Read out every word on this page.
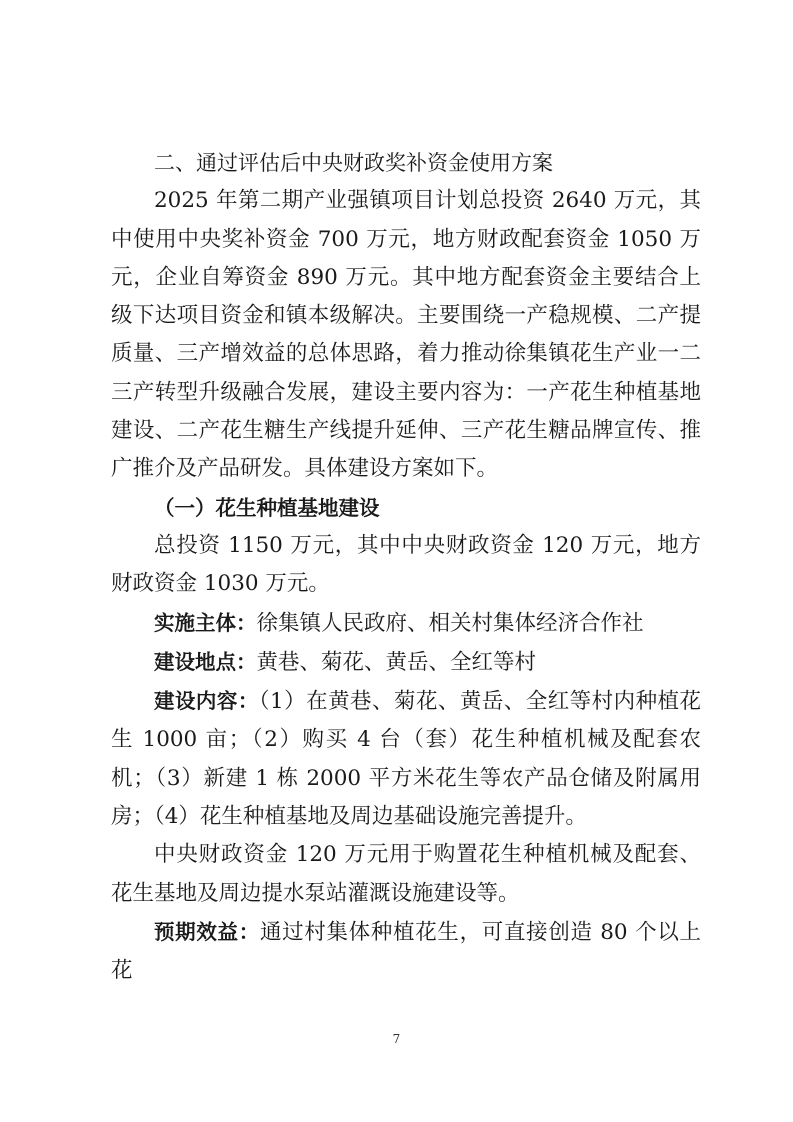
二、通过评估后中央财政奖补资金使用方案

2025 年第二期产业强镇项目计划总投资 2640 万元，其中使用中央奖补资金 700 万元，地方财政配套资金 1050 万元，企业自筹资金 890 万元。其中地方配套资金主要结合上级下达项目资金和镇本级解决。主要围绕一产稳规模、二产提质量、三产增效益的总体思路，着力推动徐集镇花生产业一二三产转型升级融合发展，建设主要内容为：一产花生种植基地建设、二产花生糖生产线提升延伸、三产花生糖品牌宣传、推广推介及产品研发。具体建设方案如下。

（一）花生种植基地建设

总投资 1150 万元，其中中央财政资金 120 万元，地方财政资金 1030 万元。

实施主体：徐集镇人民政府、相关村集体经济合作社

建设地点：黄巷、菊花、黄岳、全红等村

建设内容：（1）在黄巷、菊花、黄岳、全红等村内种植花生 1000 亩；（2）购买 4 台（套）花生种植机械及配套农机；（3）新建 1 栋 2000 平方米花生等农产品仓储及附属用房；（4）花生种植基地及周边基础设施完善提升。

中央财政资金 120 万元用于购置花生种植机械及配套、花生基地及周边提水泵站灌溉设施建设等。

预期效益：通过村集体种植花生，可直接创造 80 个以上花

7
